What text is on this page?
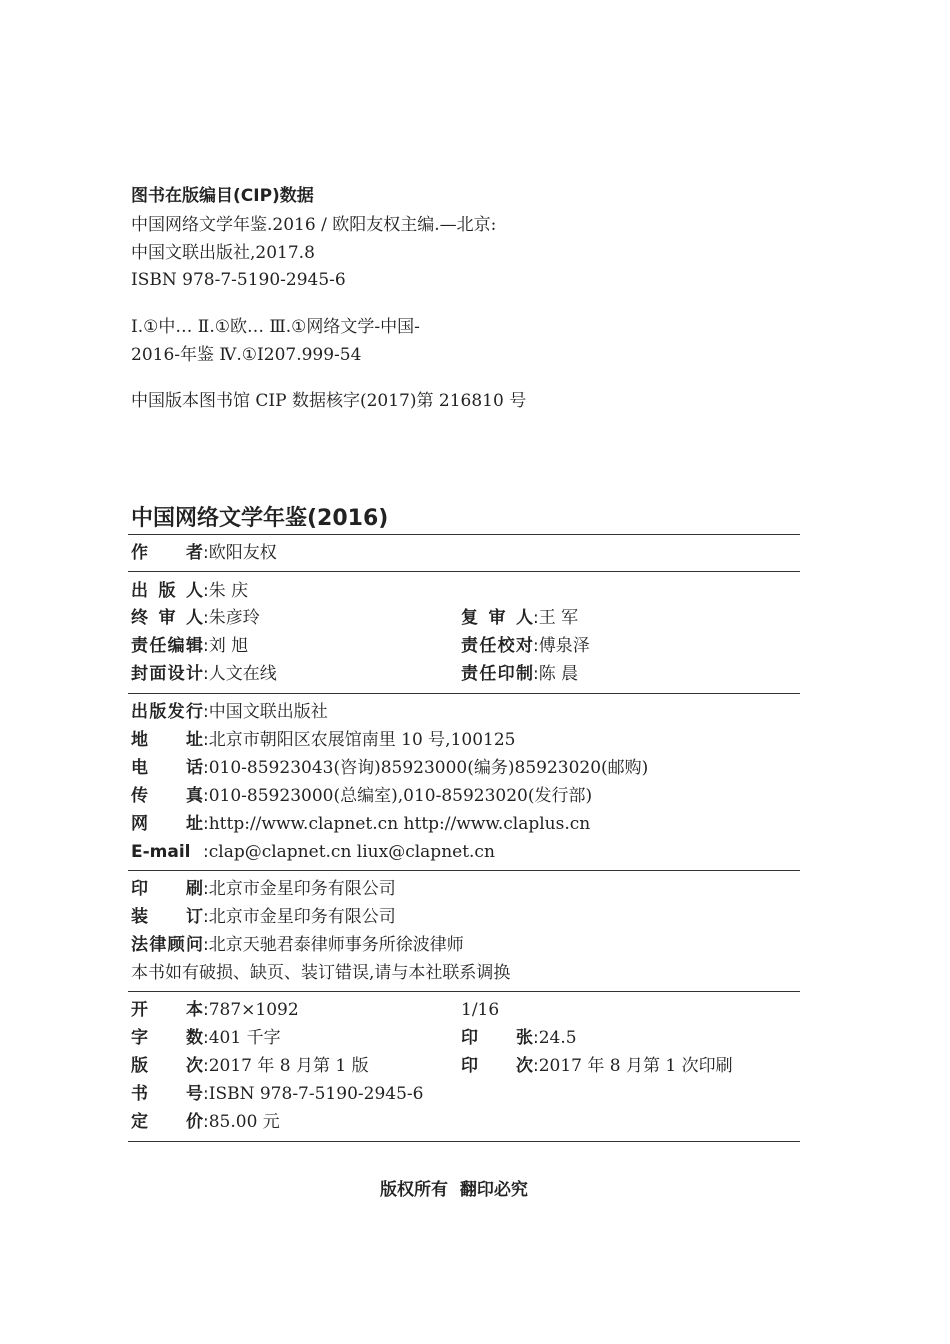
图书在版编目(CIP)数据
中国网络文学年鉴.2016 / 欧阳友权主编.—北京:
中国文联出版社,2017.8
ISBN 978-7-5190-2945-6
Ⅰ.①中… Ⅱ.①欧… Ⅲ.①网络文学-中国-
2016-年鉴 Ⅳ.①I207.999-54
中国版本图书馆 CIP 数据核字(2017)第 216810 号
中国网络文学年鉴(2016)
作者:欧阳友权
出版人:朱 庆
终审人:朱彦玲	复审人:王 军
责任编辑:刘 旭	责任校对:傅泉泽
封面设计:人文在线	责任印制:陈 晨
出版发行:中国文联出版社
地址:北京市朝阳区农展馆南里 10 号,100125
电话:010-85923043(咨询)85923000(编务)85923020(邮购)
传真:010-85923000(总编室),010-85923020(发行部)
网址:http://www.clapnet.cn http://www.claplus.cn
E-mail :clap@clapnet.cn liux@clapnet.cn
印刷:北京市金星印务有限公司
装订:北京市金星印务有限公司
法律顾问:北京天驰君泰律师事务所徐波律师
本书如有破损、缺页、装订错误,请与本社联系调换
开本:787×1092	1/16
字数:401 千字	印张:24.5
版次:2017 年 8 月第 1 版	印次:2017 年 8 月第 1 次印刷
书号:ISBN 978-7-5190-2945-6
定价:85.00 元
版权所有  翻印必究
